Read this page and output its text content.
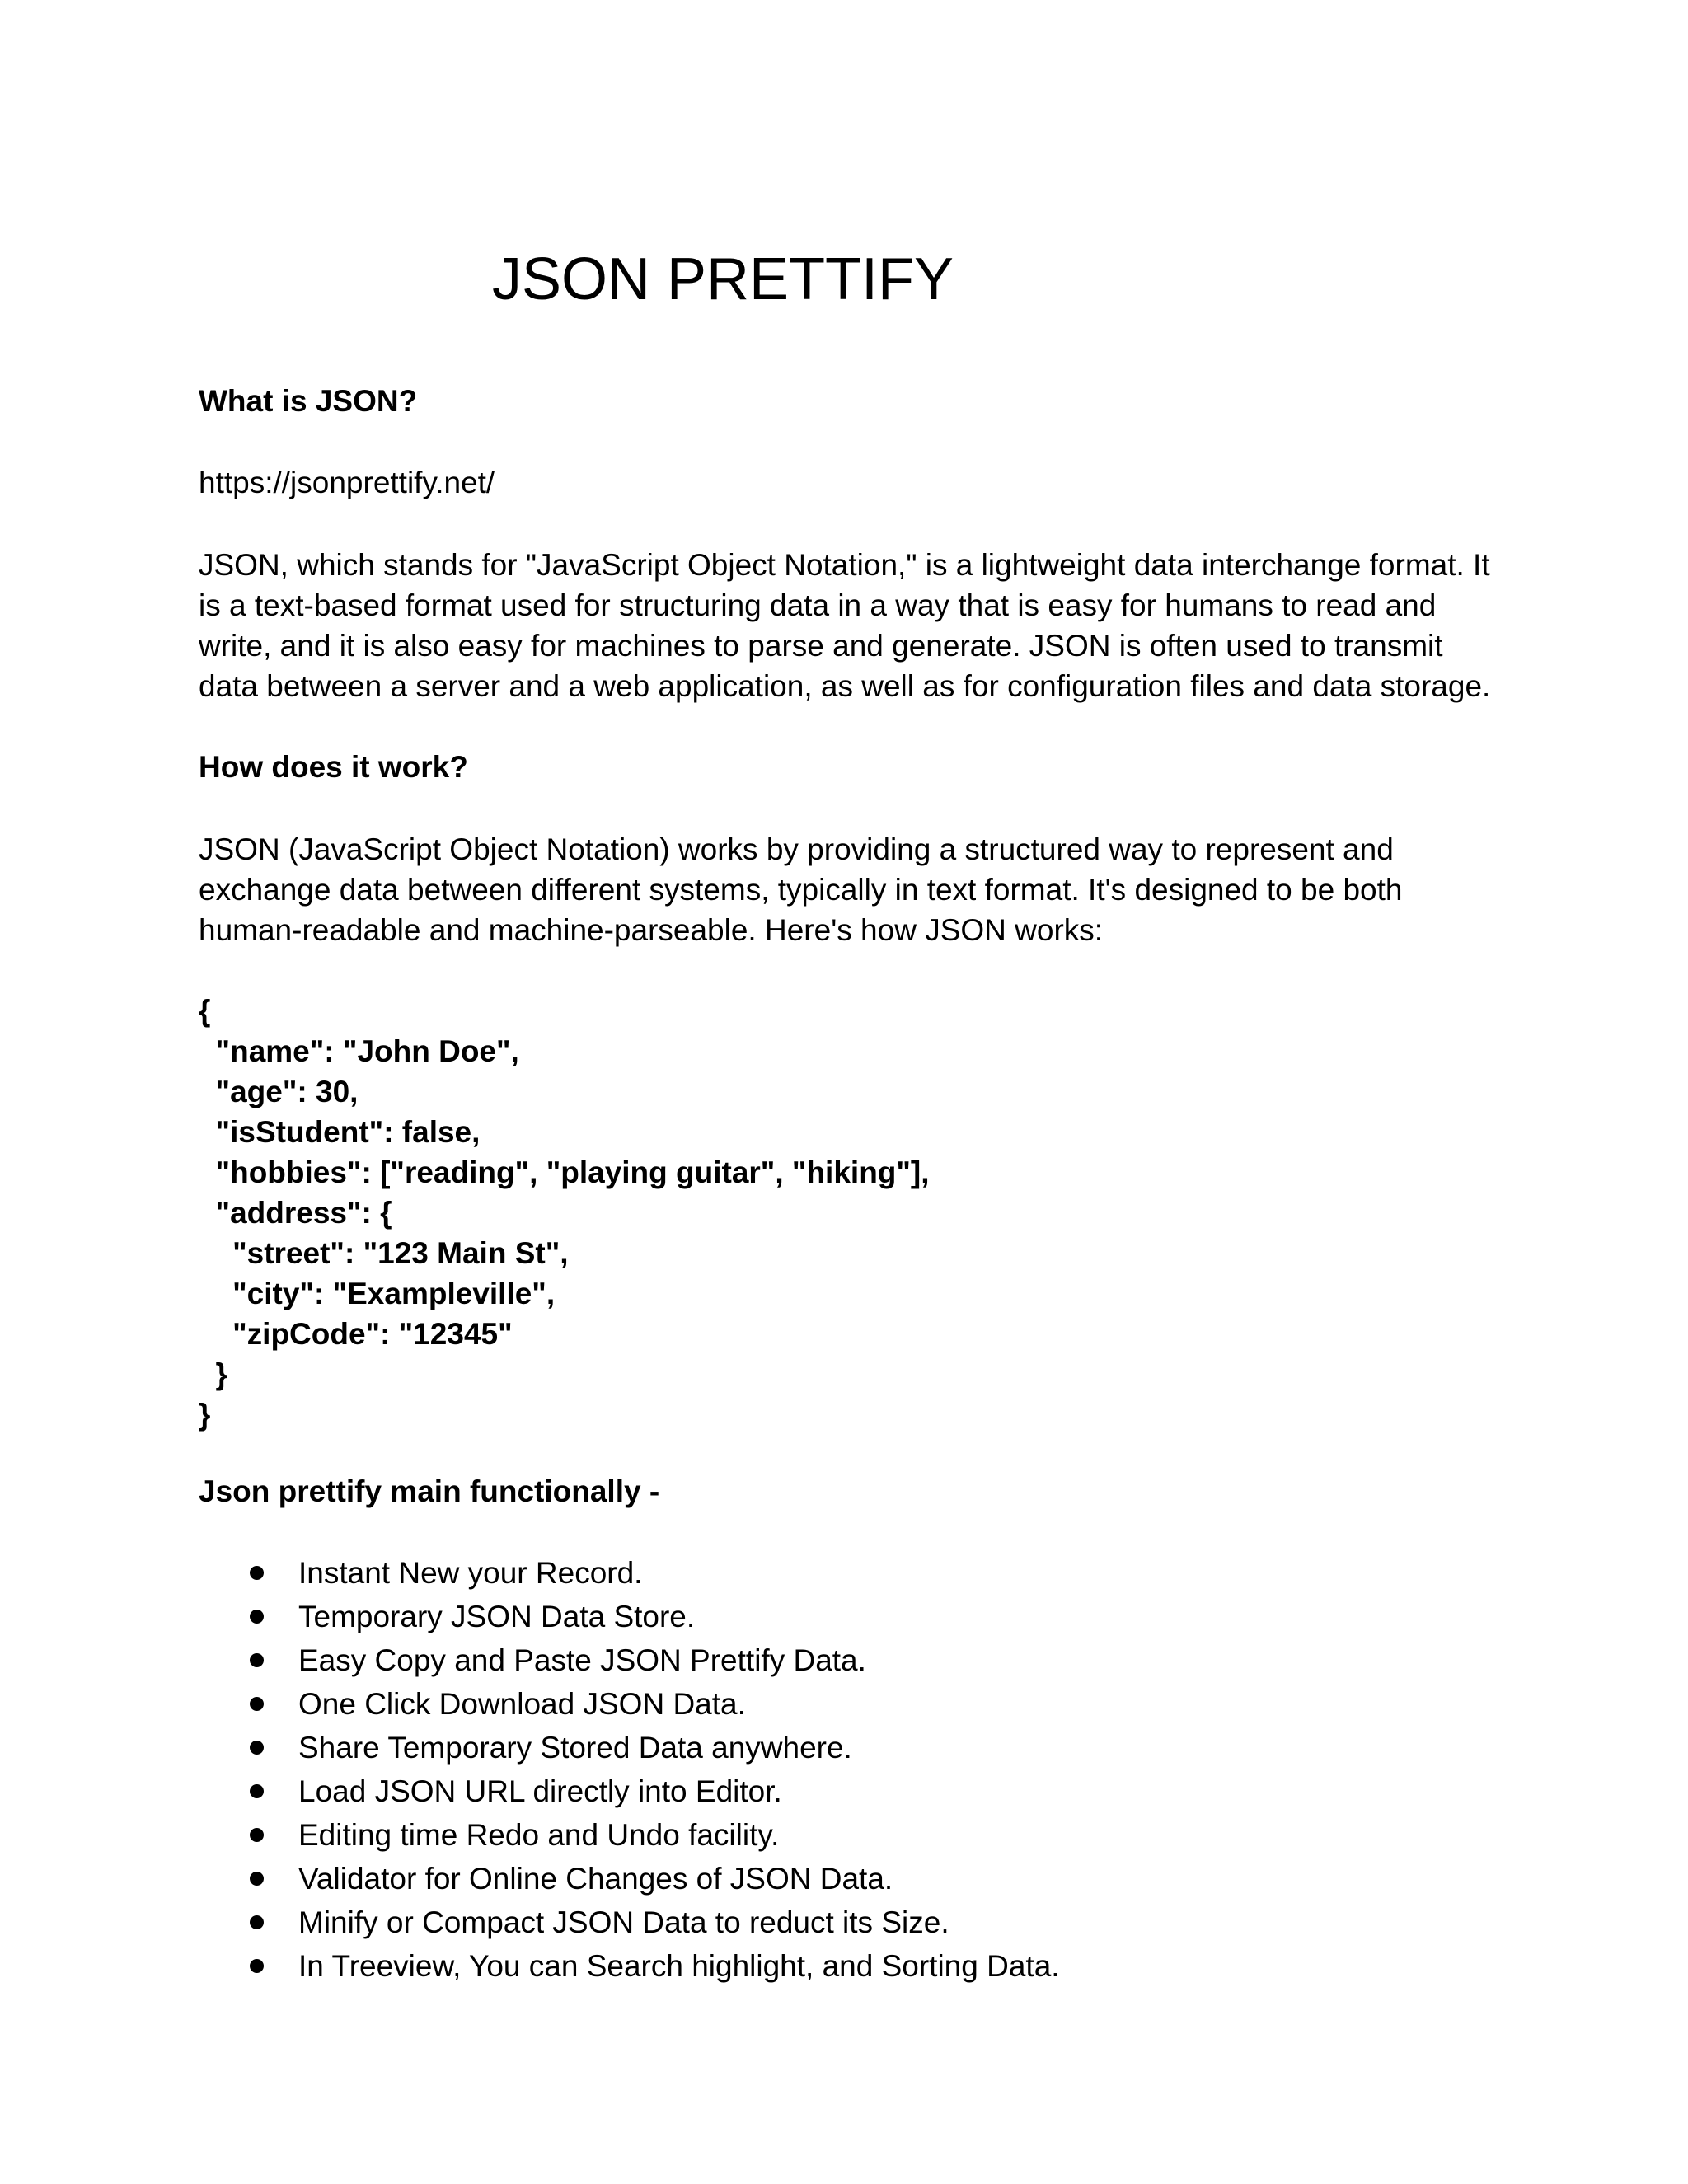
JSON PRETTIFY
What is JSON?

https://jsonprettify.net/

JSON, which stands for "JavaScript Object Notation," is a lightweight data interchange format. It
is a text-based format used for structuring data in a way that is easy for humans to read and
write, and it is also easy for machines to parse and generate. JSON is often used to transmit
data between a server and a web application, as well as for configuration files and data storage.

How does it work?

JSON (JavaScript Object Notation) works by providing a structured way to represent and
exchange data between different systems, typically in text format. It's designed to be both
human-readable and machine-parseable. Here's how JSON works:

{
"name": "John Doe",
"age": 30,
"isStudent": false,
"hobbies": ["reading", "playing guitar", "hiking"],
"address": {
"street": "123 Main St",
"city": "Exampleville",
"zipCode": "12345"
}
}
Json prettify main functionally -
Instant New your Record.
Temporary JSON Data Store.
Easy Copy and Paste JSON Prettify Data.
One Click Download JSON Data.
Share Temporary Stored Data anywhere.
Load JSON URL directly into Editor.
Editing time Redo and Undo facility.
Validator for Online Changes of JSON Data.
Minify or Compact JSON Data to reduct its Size.
In Treeview, You can Search highlight, and Sorting Data.
